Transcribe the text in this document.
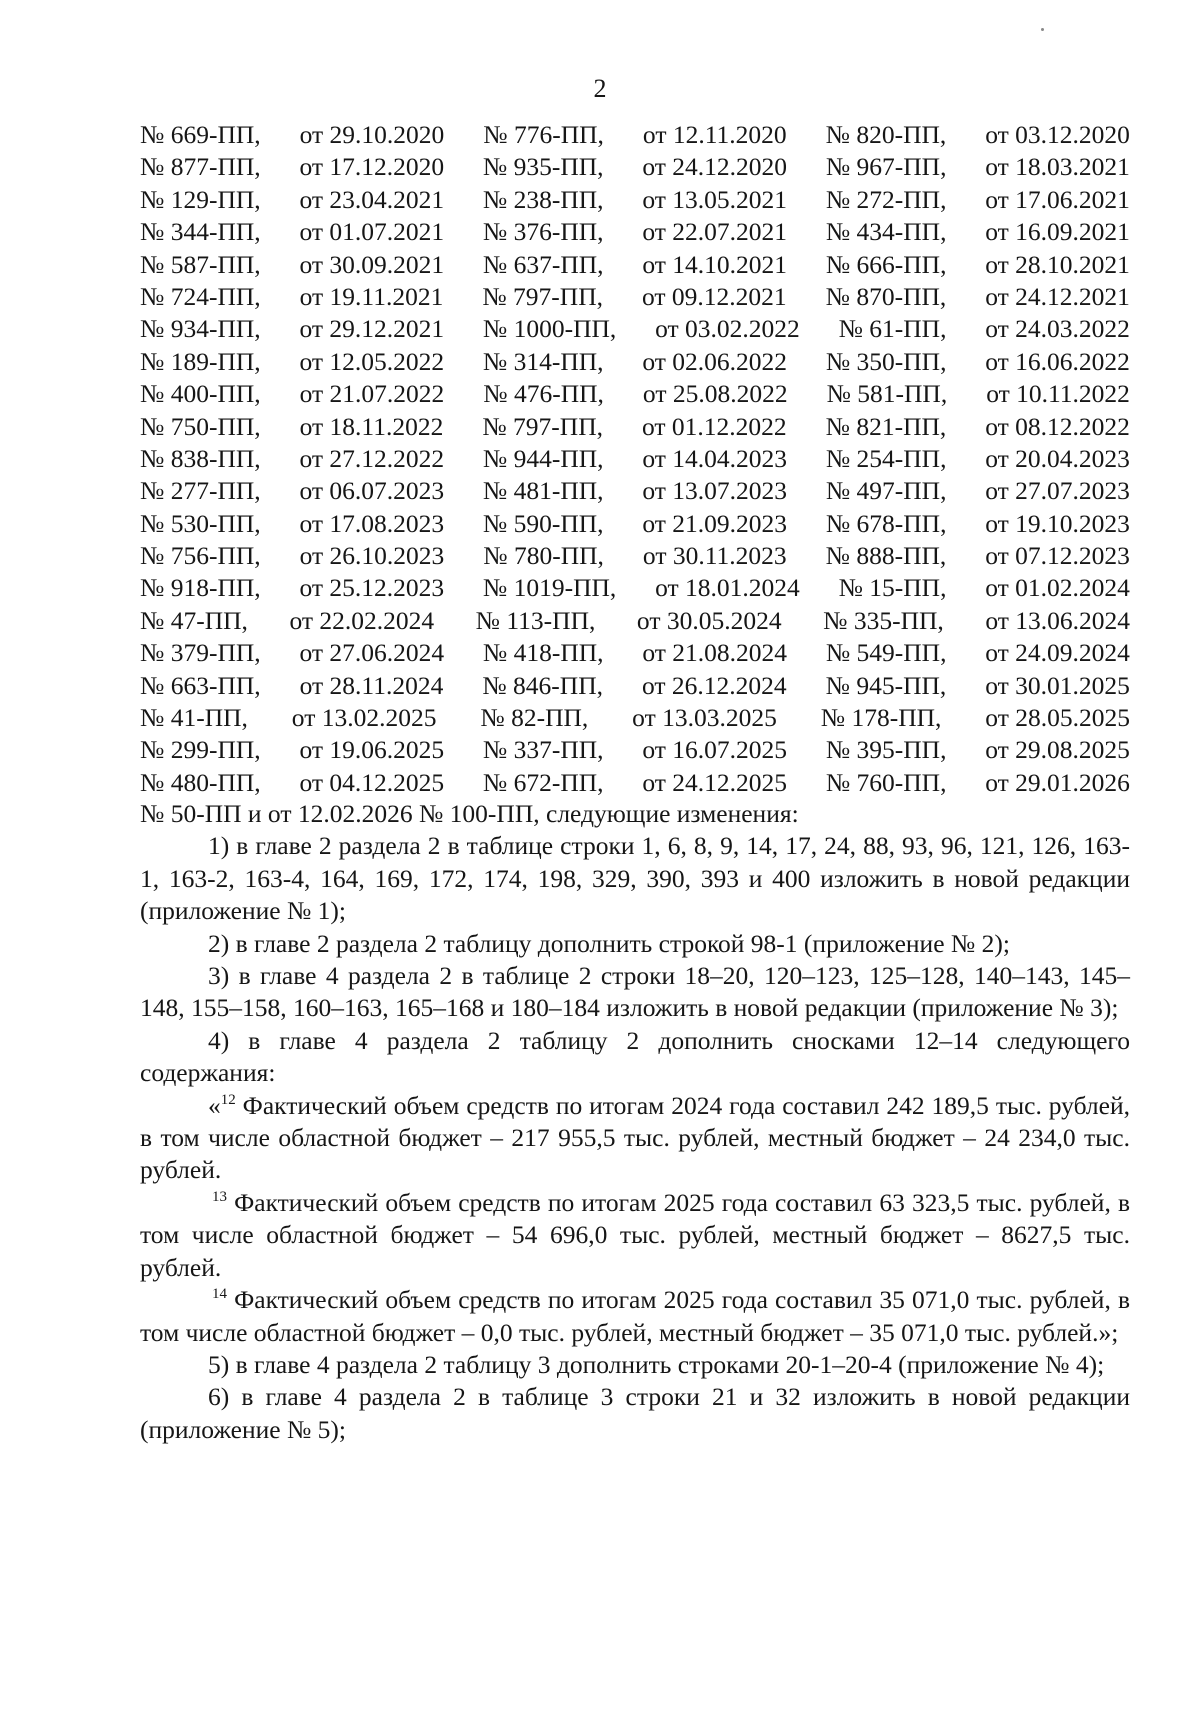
2
№ 669-ПП, от 29.10.2020 № 776-ПП, от 12.11.2020 № 820-ПП, от 03.12.2020
№ 877-ПП, от 17.12.2020 № 935-ПП, от 24.12.2020 № 967-ПП, от 18.03.2021
№ 129-ПП, от 23.04.2021 № 238-ПП, от 13.05.2021 № 272-ПП, от 17.06.2021
№ 344-ПП, от 01.07.2021 № 376-ПП, от 22.07.2021 № 434-ПП, от 16.09.2021
№ 587-ПП, от 30.09.2021 № 637-ПП, от 14.10.2021 № 666-ПП, от 28.10.2021
№ 724-ПП, от 19.11.2021 № 797-ПП, от 09.12.2021 № 870-ПП, от 24.12.2021
№ 934-ПП, от 29.12.2021 № 1000-ПП, от 03.02.2022 № 61-ПП, от 24.03.2022
№ 189-ПП, от 12.05.2022 № 314-ПП, от 02.06.2022 № 350-ПП, от 16.06.2022
№ 400-ПП, от 21.07.2022 № 476-ПП, от 25.08.2022 № 581-ПП, от 10.11.2022
№ 750-ПП, от 18.11.2022 № 797-ПП, от 01.12.2022 № 821-ПП, от 08.12.2022
№ 838-ПП, от 27.12.2022 № 944-ПП, от 14.04.2023 № 254-ПП, от 20.04.2023
№ 277-ПП, от 06.07.2023 № 481-ПП, от 13.07.2023 № 497-ПП, от 27.07.2023
№ 530-ПП, от 17.08.2023 № 590-ПП, от 21.09.2023 № 678-ПП, от 19.10.2023
№ 756-ПП, от 26.10.2023 № 780-ПП, от 30.11.2023 № 888-ПП, от 07.12.2023
№ 918-ПП, от 25.12.2023 № 1019-ПП, от 18.01.2024 № 15-ПП, от 01.02.2024
№ 47-ПП, от 22.02.2024 № 113-ПП, от 30.05.2024 № 335-ПП, от 13.06.2024
№ 379-ПП, от 27.06.2024 № 418-ПП, от 21.08.2024 № 549-ПП, от 24.09.2024
№ 663-ПП, от 28.11.2024 № 846-ПП, от 26.12.2024 № 945-ПП, от 30.01.2025
№ 41-ПП, от 13.02.2025 № 82-ПП, от 13.03.2025 № 178-ПП, от 28.05.2025
№ 299-ПП, от 19.06.2025 № 337-ПП, от 16.07.2025 № 395-ПП, от 29.08.2025
№ 480-ПП, от 04.12.2025 № 672-ПП, от 24.12.2025 № 760-ПП, от 29.01.2026

№ 50-ПП и от 12.02.2026 № 100-ПП, следующие изменения:

1) в главе 2 раздела 2 в таблице строки 1, 6, 8, 9, 14, 17, 24, 88, 93, 96, 121, 126, 163-1, 163-2, 163-4, 164, 169, 172, 174, 198, 329, 390, 393 и 400 изложить в новой редакции (приложение № 1);

2) в главе 2 раздела 2 таблицу дополнить строкой 98-1 (приложение № 2);

3) в главе 4 раздела 2 в таблице 2 строки 18–20, 120–123, 125–128, 140–143, 145–148, 155–158, 160–163, 165–168 и 180–184 изложить в новой редакции (приложение № 3);

4) в главе 4 раздела 2 таблицу 2 дополнить сносками 12–14 следующего содержания:

«$^{12}$ Фактический объем средств по итогам 2024 года составил 242 189,5 тыс. рублей, в том числе областной бюджет – 217 955,5 тыс. рублей, местный бюджет – 24 234,0 тыс. рублей.

$^{13}$ Фактический объем средств по итогам 2025 года составил 63 323,5 тыс. рублей, в том числе областной бюджет – 54 696,0 тыс. рублей, местный бюджет – 8627,5 тыс. рублей.

$^{14}$ Фактический объем средств по итогам 2025 года составил 35 071,0 тыс. рублей, в том числе областной бюджет – 0,0 тыс. рублей, местный бюджет – 35 071,0 тыс. рублей.»;

5) в главе 4 раздела 2 таблицу 3 дополнить строками 20-1–20-4 (приложение № 4);

6) в главе 4 раздела 2 в таблице 3 строки 21 и 32 изложить в новой редакции (приложение № 5);
